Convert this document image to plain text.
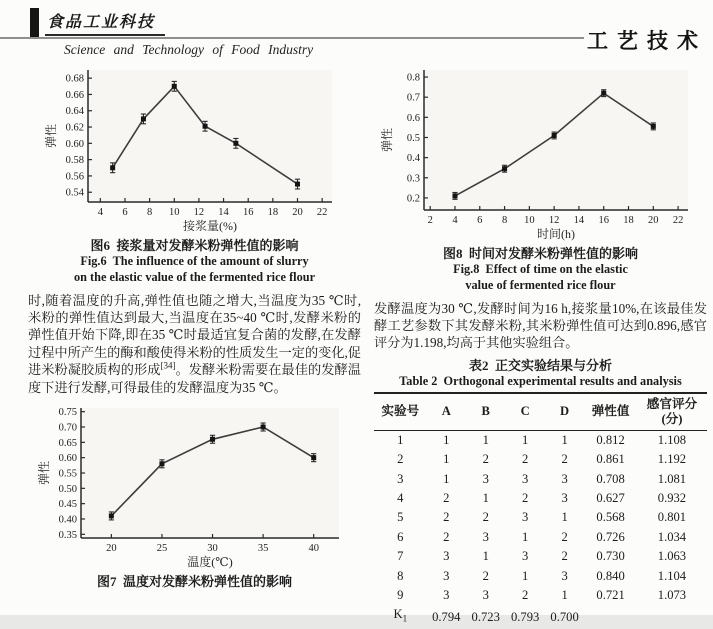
食品工业科技
Science and Technology of Food Industry	工艺技术
0.54
0.56
0.58
0.60
0.62
0.64
0.66
0.68
4 6 8 10 12 14 16 18 20 22
接浆量(%)
弹性
图6  接浆量对发酵米粉弹性值的影响
Fig.6  The influence of the amount of slurry
on the elastic value of the fermented rice flour

时,随着温度的升高,弹性值也随之增大,当温度为35 ℃时,米粉的弹性值达到最大,当温度在35~40 ℃时,发酵米粉的弹性值开始下降,即在35 ℃时最适宜复合菌的发酵,在发酵过程中所产生的酶和酸使得米粉的性质发生一定的变化,促进米粉凝胶质构的形成[34]。发酵米粉需要在最佳的发酵温度下进行发酵,可得最佳的发酵温度为35 ℃。

0.35
0.40
0.45
0.50
0.55
0.60
0.65
0.70
0.75
20	25	30	35	40
温度(℃)
弹性
图7  温度对发酵米粉弹性值的影响
0.2
0.3
0.4
0.5
0.6
0.7
0.8
2 4 6 8 10 12 14 16 18 20 22
时间(h)
弹性
图8  时间对发酵米粉弹性值的影响
Fig.8  Effect of time on the elastic
value of fermented rice flour

发酵温度为30 ℃,发酵时间为16 h,接浆量10%,在该最佳发酵工艺参数下其发酵米粉,其米粉弹性值可达到0.896,感官评分为1.198,均高于其他实验组合。

表2  正交实验结果与分析
Table 2  Orthogonal experimental results and analysis
实验号	A	B	C	D	弹性值	感官评分
(分)

1	1	1	1	1	0.812	1.108
2	1	2	2	2	0.861	1.192
3	1	3	3	3	0.708	1.081
4	2	1	2	3	0.627	0.932
5	2	2	3	1	0.568	0.801
6	2	3	1	2	0.726	1.034
7	3	1	3	2	0.730	1.063
8	3	2	1	3	0.840	1.104
9	3	3	2	1	0.721	1.073
$K_1$	0.794	0.723	0.793	0.700		
